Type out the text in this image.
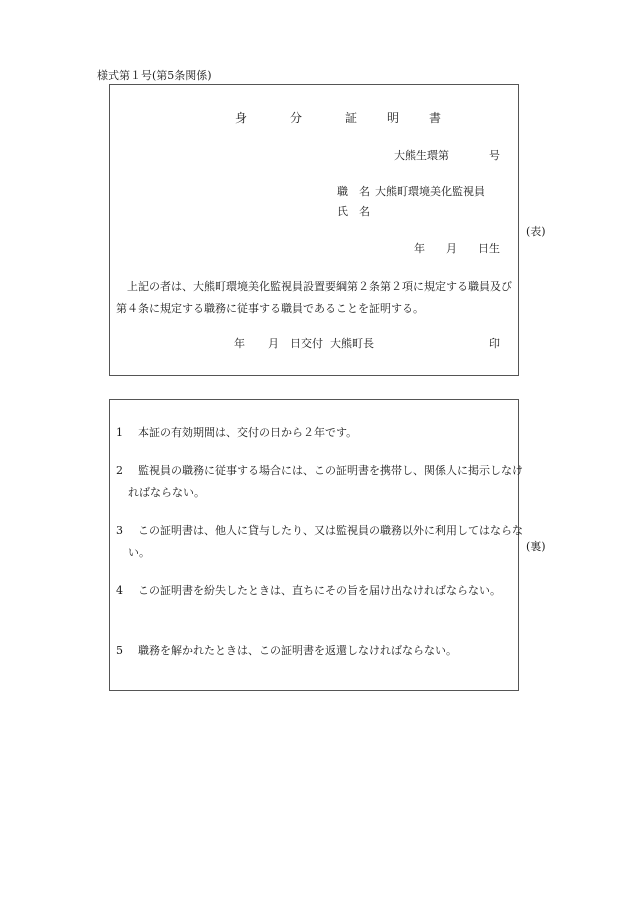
様式第１号(第5条関係)
身	分	証	明	書
大熊生環第	号
職　名 大熊町環境美化監視員
氏　名
年 月 日生
上記の者は、大熊町環境美化監視員設置要綱第２条第２項に規定する職員及び第４条に規定する職務に従事する職員であることを証明する。
年 月 日交付 大熊町長	印
(表)
1 本証の有効期間は、交付の日から２年です。
2 監視員の職務に従事する場合には、この証明書を携帯し、関係人に掲示しなければならない。
3 この証明書は、他人に貸与したり、又は監視員の職務以外に利用してはならない。
4 この証明書を紛失したときは、直ちにその旨を届け出なければならない。
5 職務を解かれたときは、この証明書を返還しなければならない。
(裏)
